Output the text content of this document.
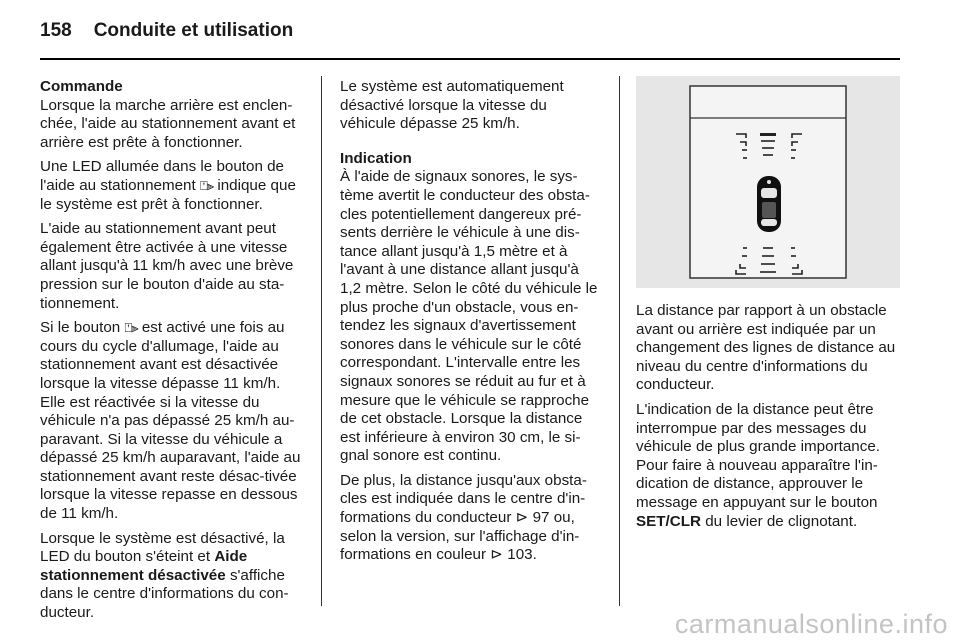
158 Conduite et utilisation
Commande

Lorsque la marche arrière est enclen-chée, l'aide au stationnement avant et arrière est prête à fonctionner.

Une LED allumée dans le bouton de l'aide au stationnement ⍞⫸ indique que le système est prêt à fonctionner.

L'aide au stationnement avant peut également être activée à une vitesse allant jusqu'à 11 km/h avec une brève pression sur le bouton d'aide au sta-tionnement.

Si le bouton ⍞⫸ est activé une fois au cours du cycle d'allumage, l'aide au stationnement avant est désactivée lorsque la vitesse dépasse 11 km/h. Elle est réactivée si la vitesse du véhicule n'a pas dépassé 25 km/h au-paravant. Si la vitesse du véhicule a dépassé 25 km/h auparavant, l'aide au stationnement avant reste désac-tivée lorsque la vitesse repasse en dessous de 11 km/h.

Lorsque le système est désactivé, la LED du bouton s'éteint et Aide stationnement désactivée s'affiche dans le centre d'informations du con-ducteur.

Le système est automatiquement désactivé lorsque la vitesse du véhicule dépasse 25 km/h.

Indication

À l'aide de signaux sonores, le sys-tème avertit le conducteur des obsta-cles potentiellement dangereux pré-sents derrière le véhicule à une dis-tance allant jusqu'à 1,5 mètre et à l'avant à une distance allant jusqu'à 1,2 mètre. Selon le côté du véhicule le plus proche d'un obstacle, vous en-tendez les signaux d'avertissement sonores dans le véhicule sur le côté correspondant. L'intervalle entre les signaux sonores se réduit au fur et à mesure que le véhicule se rapproche de cet obstacle. Lorsque la distance est inférieure à environ 30 cm, le si-gnal sonore est continu.

De plus, la distance jusqu'aux obsta-cles est indiquée dans le centre d'in-formations du conducteur ⊳ 97 ou, selon la version, sur l'affichage d'in-formations en couleur ⊳ 103.

La distance par rapport à un obstacle avant ou arrière est indiquée par un changement des lignes de distance au niveau du centre d'informations du conducteur.

L'indication de la distance peut être interrompue par des messages du véhicule de plus grande importance. Pour faire à nouveau apparaître l'in-dication de distance, approuver le message en appuyant sur le bouton SET/CLR du levier de clignotant.

carmanualsonline.info
